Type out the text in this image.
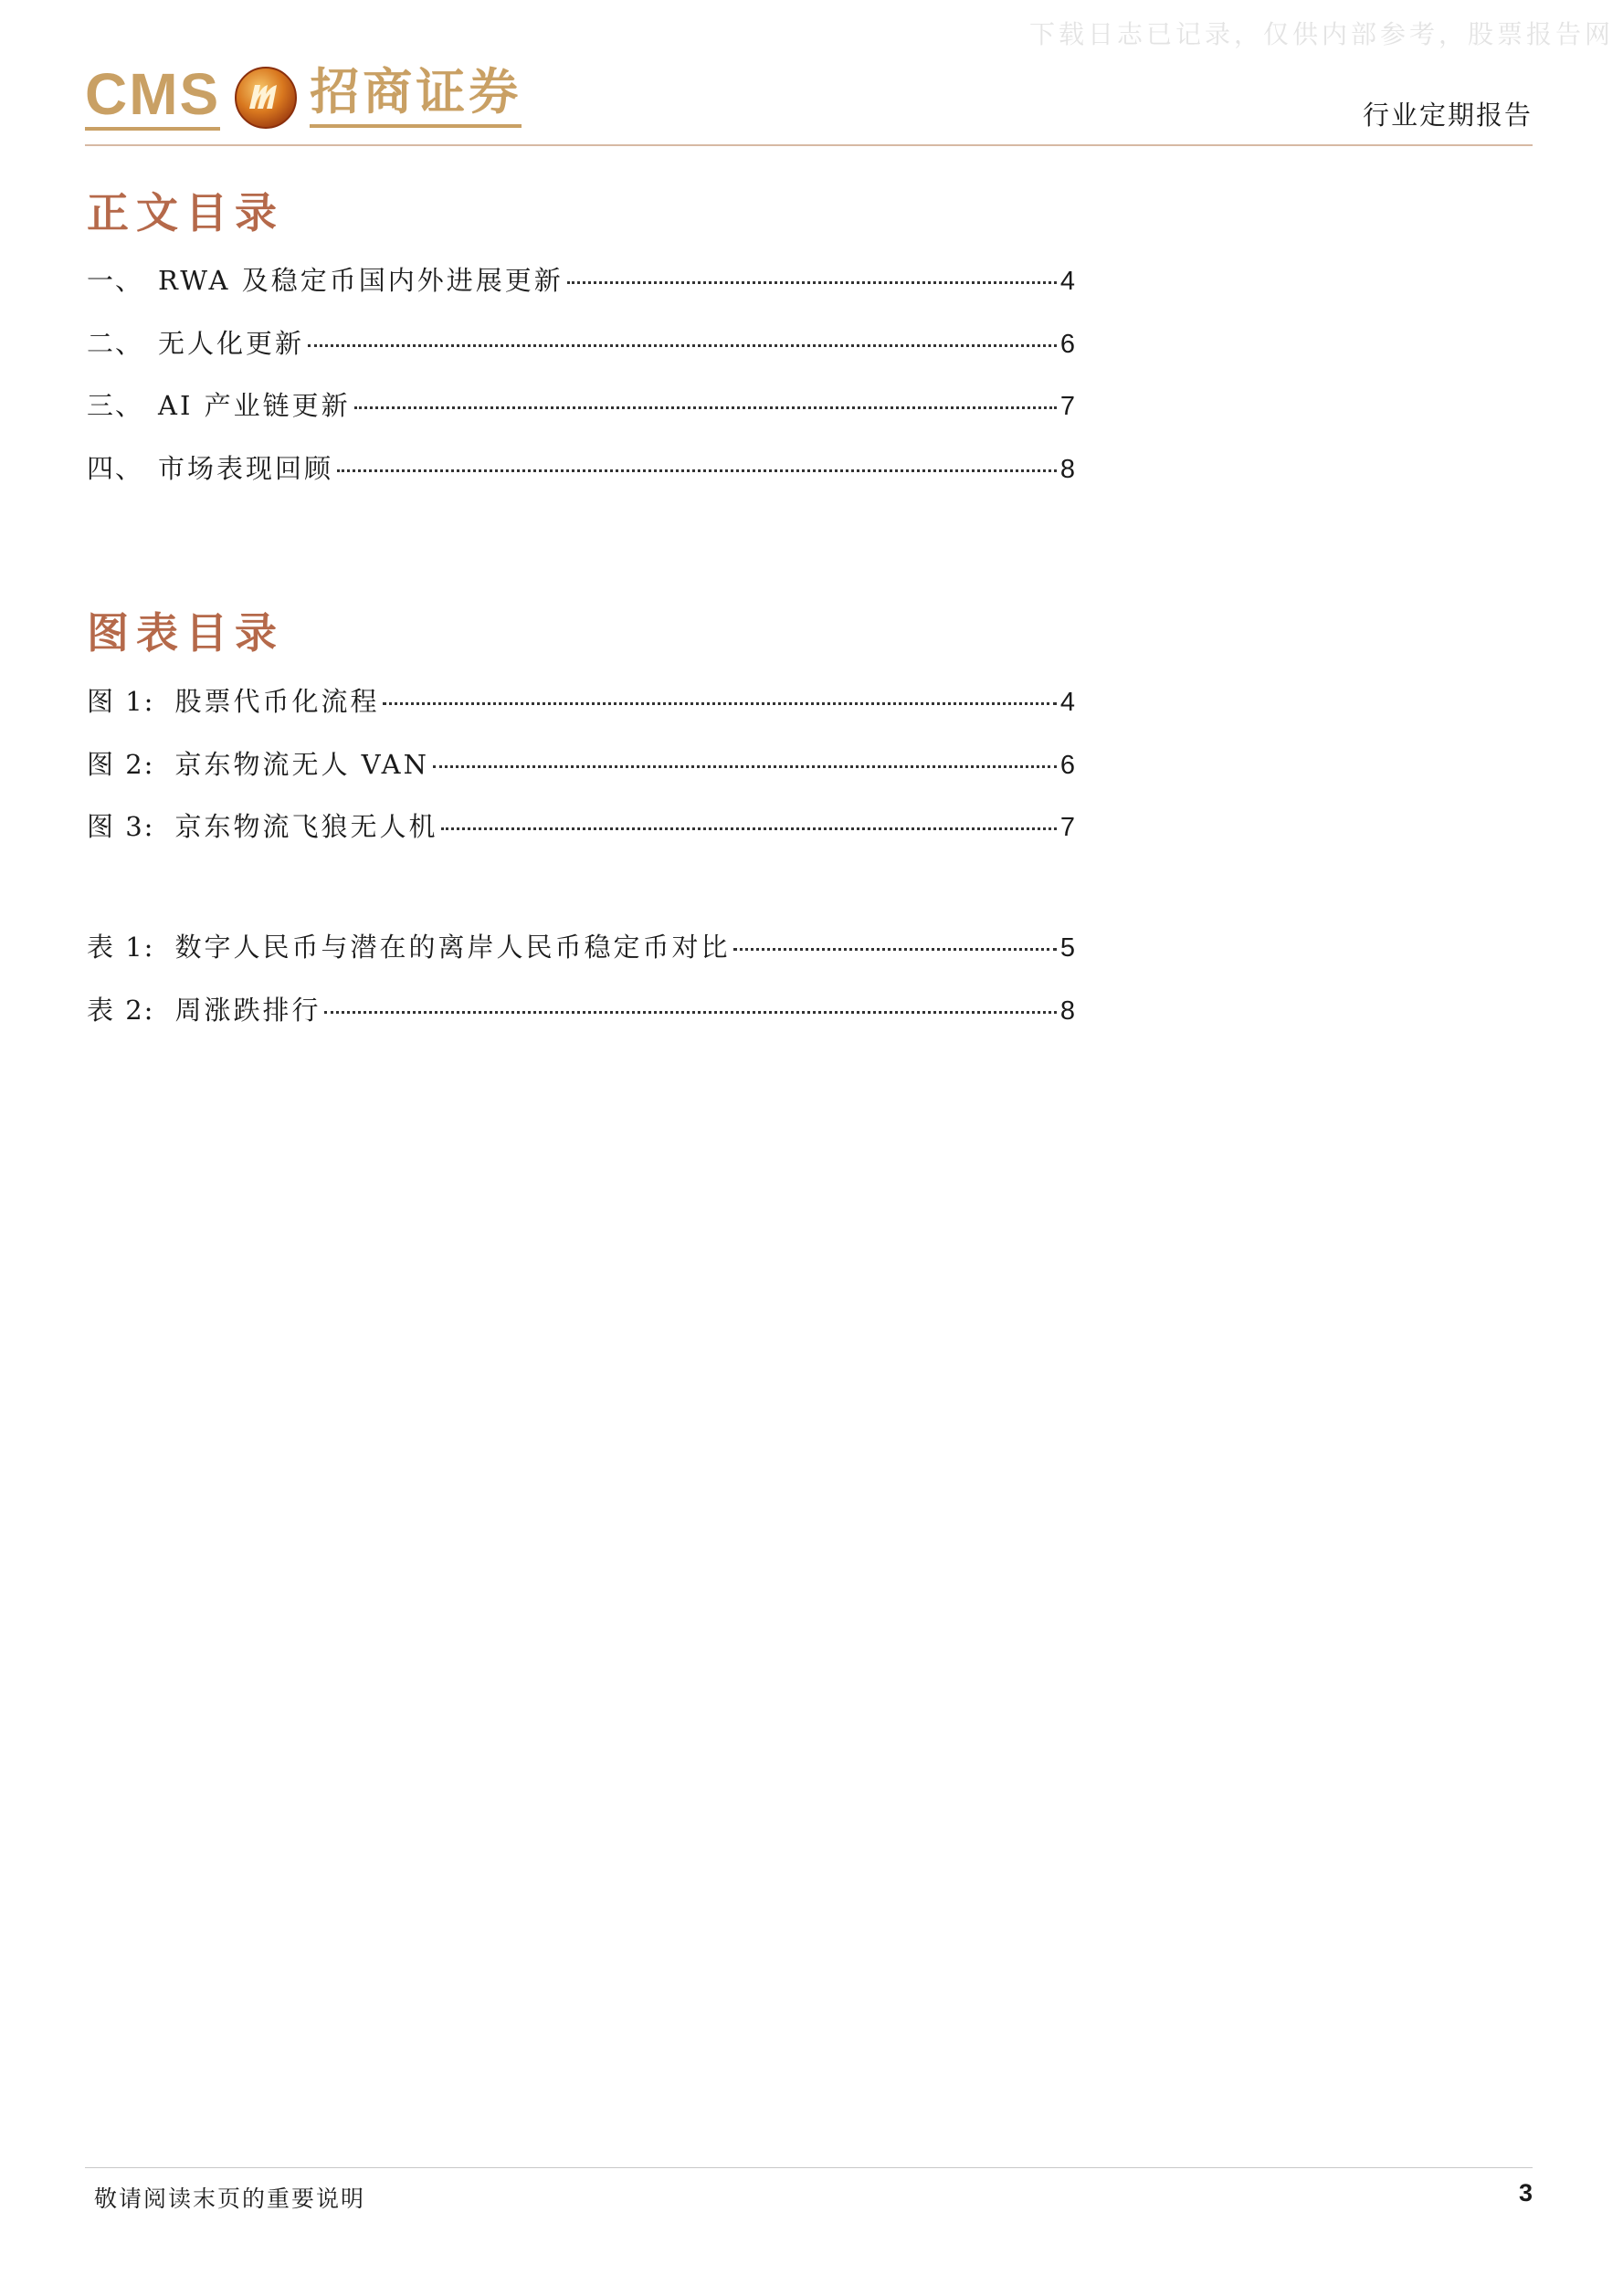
下载日志已记录，仅供内部参考，股票报告网
CMS 招商证券	行业定期报告
正文目录
一、 RWA 及稳定币国内外进展更新	4
二、 无人化更新	6
三、 AI 产业链更新	7
四、 市场表现回顾	8
图表目录
图 1: 股票代币化流程	4
图 2: 京东物流无人 VAN	6
图 3: 京东物流飞狼无人机	7
表 1: 数字人民币与潜在的离岸人民币稳定币对比	5
表 2: 周涨跌排行	8
敬请阅读末页的重要说明	3
